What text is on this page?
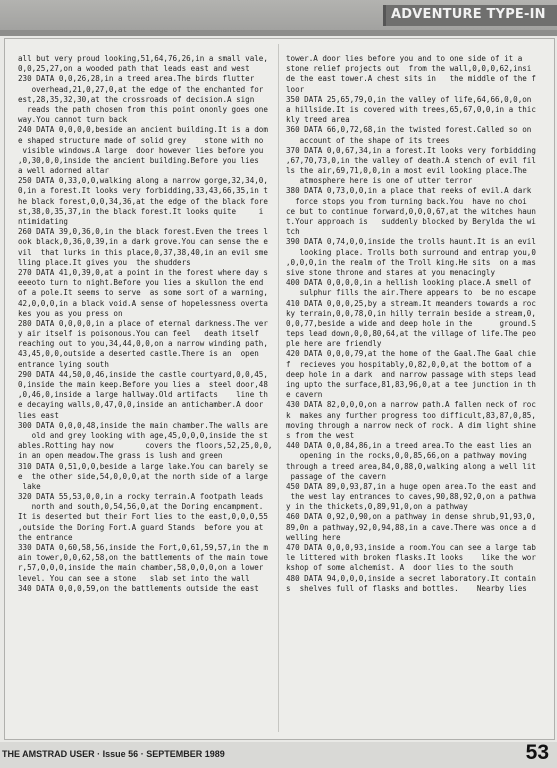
ADVENTURE TYPE-IN
all but very proud looking,51,64,76,26,in a small vale,
0,0,25,27,on a wooded path that leads east and west
230 DATA 0,0,26,28,in a treed area.The birds flutter
overhead,21,0,27,0,at the edge of the enchanted for
est,28,35,32,30,at the crossroads of decision.A sign
reads the path chosen from this point ononly goes one
way.You cannot turn back
240 DATA 0,0,0,0,beside an ancient building.It is a dom
e shaped structure made of solid grey    stone with no
visible windows.A large  door however lies before you
,0,30,0,0,inside the ancient building.Before you lies
a well adorned altar
250 DATA 0,33,0,0,walking along a narrow gorge,32,34,0,
0,in a forest.It looks very forbidding,33,43,66,35,in t
he black forest,0,0,34,36,at the edge of the black fore
st,38,0,35,37,in the black forest.It looks quite     i
ntimidating
260 DATA 39,0,36,0,in the black forest.Even the trees l
ook black,0,36,0,39,in a dark grove.You can sense the e
vil  that lurks in this place,0,37,38,40,in an evil sme
lling place.It gives you  the shudders
270 DATA 41,0,39,0,at a point in the forest where day s
eeeoto turn to night.Before you lies a skullon the end
of a pole.It seems to serve  as some sort of a warning,
42,0,0,0,in a black void.A sense of hopelessness overta
kes you as you press on
280 DATA 0,0,0,0,in a place of eternal darkness.The ver
y air itself is poisonous.You can feel   death itself
reaching out to you,34,44,0,0,on a narrow winding path,
43,45,0,0,outside a deserted castle.There is an  open
entrance lying south
290 DATA 44,50,0,46,inside the castle courtyard,0,0,45,
0,inside the main keep.Before you lies a  steel door,48
,0,46,0,inside a large hallway.Old artifacts    line th
e decaying walls,0,47,0,0,inside an antichamber.A door
lies east
300 DATA 0,0,0,48,inside the main chamber.The walls are
old and grey looking with age,45,0,0,0,inside the st
ables.Rotting hay now       covers the floors,52,25,0,0,
in an open meadow.The grass is lush and green
310 DATA 0,51,0,0,beside a large lake.You can barely se
e  the other side,54,0,0,0,at the north side of a large
lake
320 DATA 55,53,0,0,in a rocky terrain.A footpath leads
north and south,0,54,56,0,at the Doring encampment.
It is deserted but their Fort lies to the east,0,0,0,55
,outside the Doring Fort.A guard Stands  before you at
the entrance
330 DATA 0,60,58,56,inside the Fort,0,61,59,57,in the m
ain tower,0,0,62,58,on the battlements of the main towe
r,57,0,0,0,inside the main chamber,58,0,0,0,on a lower
level. You can see a stone   slab set into the wall
340 DATA 0,0,0,59,on the battlements outside the east
tower.A door lies before you and to one side of it a
stone relief projects out  from the wall,0,0,0,62,insi
de the east tower.A chest sits in   the middle of the f
loor
350 DATA 25,65,79,0,in the valley of life,64,66,0,0,on
a hillside.It is covered with trees,65,67,0,0,in a thic
kly treed area
360 DATA 66,0,72,68,in the twisted forest.Called so on
account of the shape of its trees
370 DATA 0,0,67,34,in a forest.It looks very forbidding
,67,70,73,0,in the valley of death.A stench of evil fil
ls the air,69,71,0,0,in a most evil looking place.The
atmosphere here is one of utter terror
380 DATA 0,73,0,0,in a place that reeks of evil.A dark
force stops you from turning back.You  have no choi
ce but to continue forward,0,0,0,67,at the witches haun
t.Your approach is   suddenly blocked by Berylda the wi
tch
390 DATA 0,74,0,0,inside the trolls haunt.It is an evil
looking place. Trolls both surround and entrap you,0
,0,0,0,in the realm of the Troll king.He sits  on a mas
sive stone throne and stares at you menacingly
400 DATA 0,0,0,0,in a hellish looking place.A smell of
sulphur fills the air.There appears to  be no escape
410 DATA 0,0,0,25,by a stream.It meanders towards a roc
ky terrain,0,0,78,0,in hilly terrain beside a stream,0,
0,0,77,beside a wide and deep hole in the      ground.S
teps lead down,0,0,80,64,at the village of life.The peo
ple here are friendly
420 DATA 0,0,0,79,at the home of the Gaal.The Gaal chie
f  recieves you hospitably,0,82,0,0,at the bottom of a
deep hole in a dark  and narrow passage with steps lead
ing upto the surface,81,83,96,0,at a tee junction in th
e cavern
430 DATA 82,0,0,0,on a narrow path.A fallen neck of roc
k  makes any further progress too difficult,83,87,0,85,
moving through a narrow neck of rock. A dim light shine
s from the west
440 DATA 0,0,84,86,in a treed area.To the east lies an
opening in the rocks,0,0,85,66,on a pathway moving
through a treed area,84,0,88,0,walking along a well lit
passage of the cavern
450 DATA 89,0,93,87,in a huge open area.To the east and
the west lay entrances to caves,90,88,92,0,on a pathwa
y in the thickets,0,89,91,0,on a pathway
460 DATA 0,92,0,90,on a pathway in dense shrub,91,93,0,
89,0n a pathway,92,0,94,88,in a cave.There was once a d
welling here
470 DATA 0,0,0,93,inside a room.You can see a large tab
le littered with broken flasks.It looks    like the wor
kshop of some alchemist. A  door lies to the south
480 DATA 94,0,0,0,inside a secret laboratory.It contain
s  shelves full of flasks and bottles.    Nearby lies
THE AMSTRAD USER · Issue 56 · SEPTEMBER 1989	53
